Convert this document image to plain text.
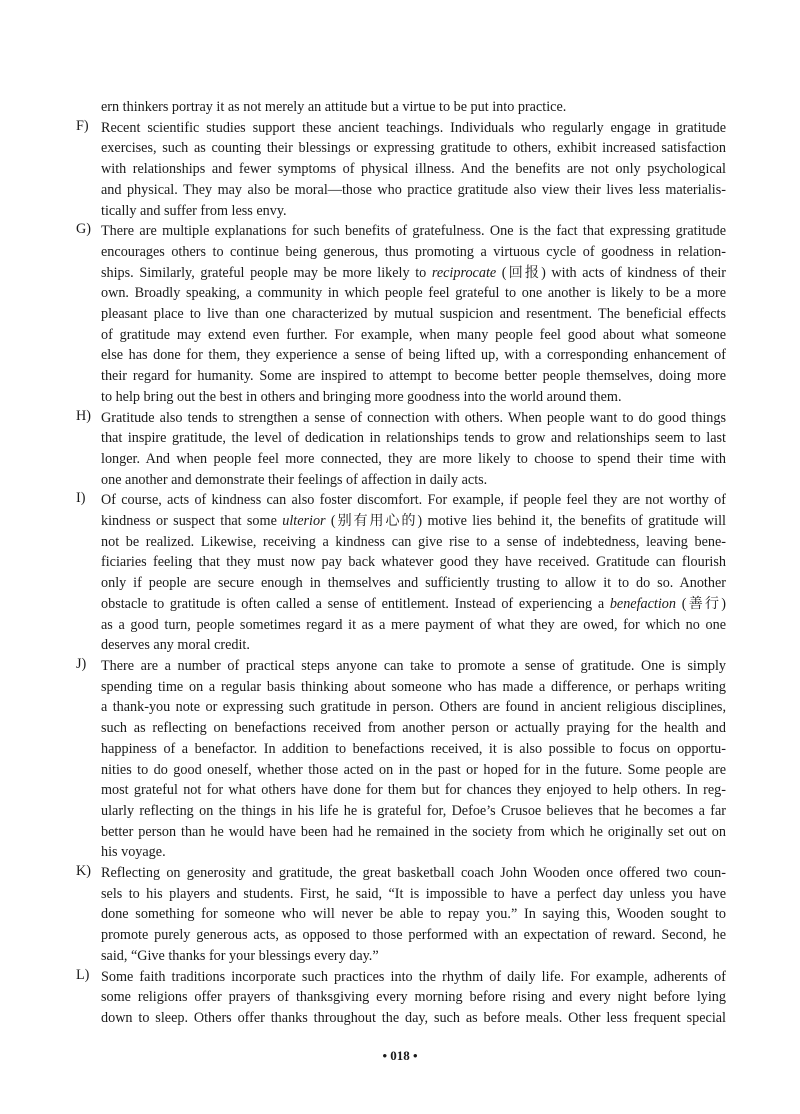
ern thinkers portray it as not merely an attitude but a virtue to be put into practice.
F) Recent scientific studies support these ancient teachings. Individuals who regularly engage in gratitude
exercises, such as counting their blessings or expressing gratitude to others, exhibit increased satisfaction
with relationships and fewer symptoms of physical illness. And the benefits are not only psychological
and physical. They may also be moral—those who practice gratitude also view their lives less materialis-
tically and suffer from less envy.
G) There are multiple explanations for such benefits of gratefulness. One is the fact that expressing gratitude
encourages others to continue being generous, thus promoting a virtuous cycle of goodness in relation-
ships. Similarly, grateful people may be more likely to reciprocate (回报) with acts of kindness of their
own. Broadly speaking, a community in which people feel grateful to one another is likely to be a more
pleasant place to live than one characterized by mutual suspicion and resentment. The beneficial effects
of gratitude may extend even further. For example, when many people feel good about what someone
else has done for them, they experience a sense of being lifted up, with a corresponding enhancement of
their regard for humanity. Some are inspired to attempt to become better people themselves, doing more
to help bring out the best in others and bringing more goodness into the world around them.
H) Gratitude also tends to strengthen a sense of connection with others. When people want to do good things
that inspire gratitude, the level of dedication in relationships tends to grow and relationships seem to last
longer. And when people feel more connected, they are more likely to choose to spend their time with
one another and demonstrate their feelings of affection in daily acts.
I) Of course, acts of kindness can also foster discomfort. For example, if people feel they are not worthy of
kindness or suspect that some ulterior (别有用心的) motive lies behind it, the benefits of gratitude will
not be realized. Likewise, receiving a kindness can give rise to a sense of indebtedness, leaving bene-
ficiaries feeling that they must now pay back whatever good they have received. Gratitude can flourish
only if people are secure enough in themselves and sufficiently trusting to allow it to do so. Another
obstacle to gratitude is often called a sense of entitlement. Instead of experiencing a benefaction (善行)
as a good turn, people sometimes regard it as a mere payment of what they are owed, for which no one
deserves any moral credit.
J) There are a number of practical steps anyone can take to promote a sense of gratitude. One is simply
spending time on a regular basis thinking about someone who has made a difference, or perhaps writing
a thank-you note or expressing such gratitude in person. Others are found in ancient religious disciplines,
such as reflecting on benefactions received from another person or actually praying for the health and
happiness of a benefactor. In addition to benefactions received, it is also possible to focus on opportu-
nities to do good oneself, whether those acted on in the past or hoped for in the future. Some people are
most grateful not for what others have done for them but for chances they enjoyed to help others. In reg-
ularly reflecting on the things in his life he is grateful for, Defoe’s Crusoe believes that he becomes a far
better person than he would have been had he remained in the society from which he originally set out on
his voyage.
K) Reflecting on generosity and gratitude, the great basketball coach John Wooden once offered two coun-
sels to his players and students. First, he said, “It is impossible to have a perfect day unless you have
done something for someone who will never be able to repay you.” In saying this, Wooden sought to
promote purely generous acts, as opposed to those performed with an expectation of reward. Second, he
said, “Give thanks for your blessings every day.”
L) Some faith traditions incorporate such practices into the rhythm of daily life. For example, adherents of
some religions offer prayers of thanksgiving every morning before rising and every night before lying
down to sleep. Others offer thanks throughout the day, such as before meals. Other less frequent special
• 018 •
